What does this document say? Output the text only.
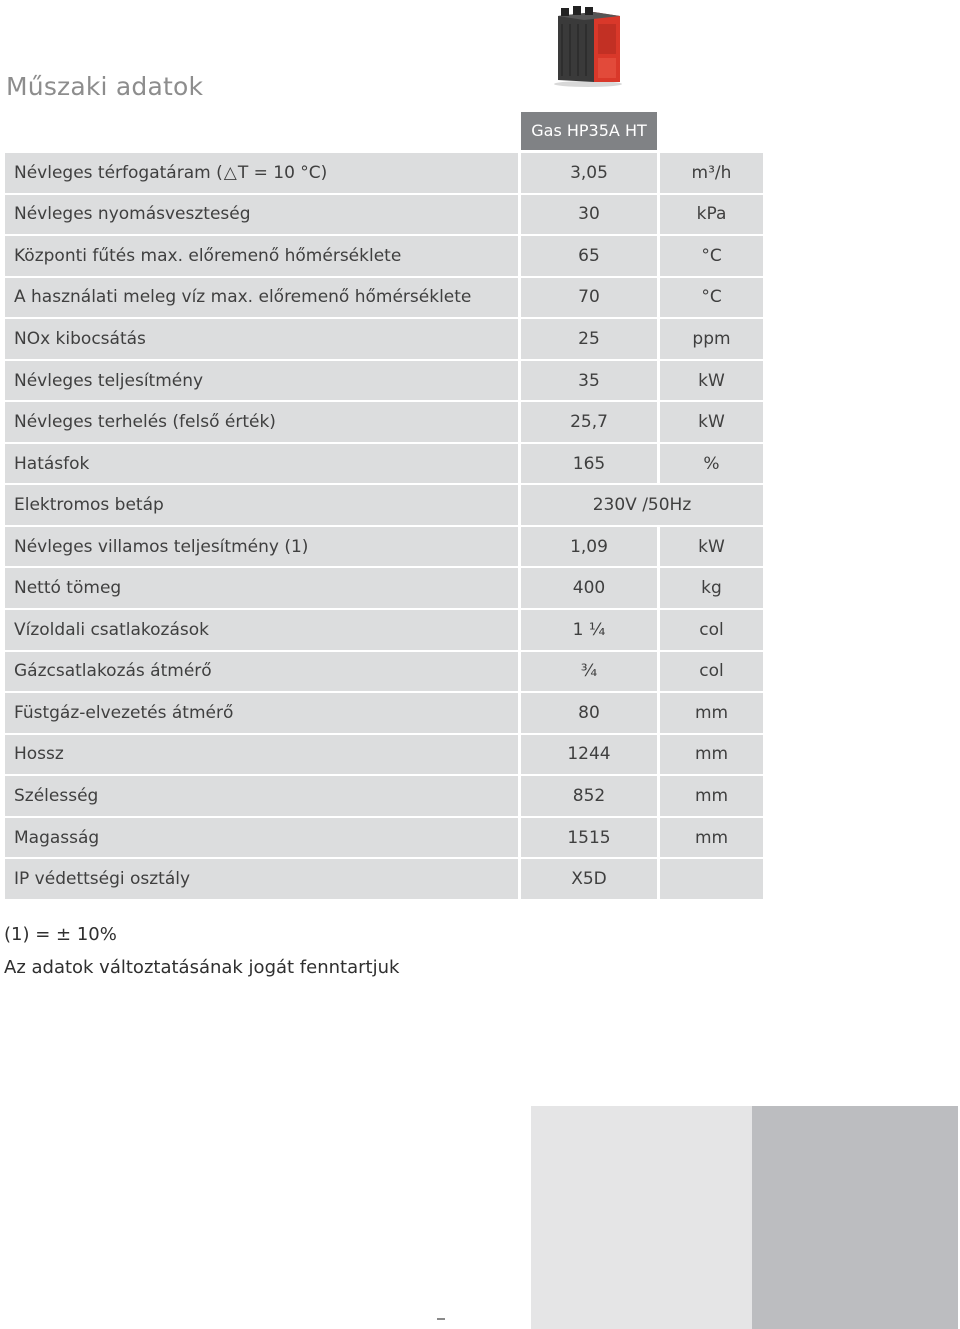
Műszaki adatok
Gas HP35A HT
Névleges térfogatáram ( △ T = 10 °C)	3,05	m³/h
Névleges nyomásveszteség	30	kPa
Központi fűtés max. előremenő hőmérséklete	65	°C
A használati meleg víz max. előremenő hőmérséklete	70	°C
NOx kibocsátás	25	ppm
Névleges teljesítmény	35	kW
Névleges terhelés (felső érték)	25,7	kW
Hatásfok	165	%
Elektromos betáp	230V /50Hz
Névleges villamos teljesítmény (1)	1,09	kW
Nettó tömeg	400	kg
Vízoldali csatlakozások	1 ¼	col
Gázcsatlakozás átmérő	¾	col
Füstgáz-elvezetés átmérő	80	mm
Hossz	1244	mm
Szélesség	852	mm
Magasság	1515	mm
IP védettségi osztály	X5D
(1) = ± 10%
Az adatok változtatásának jogát fenntartjuk
